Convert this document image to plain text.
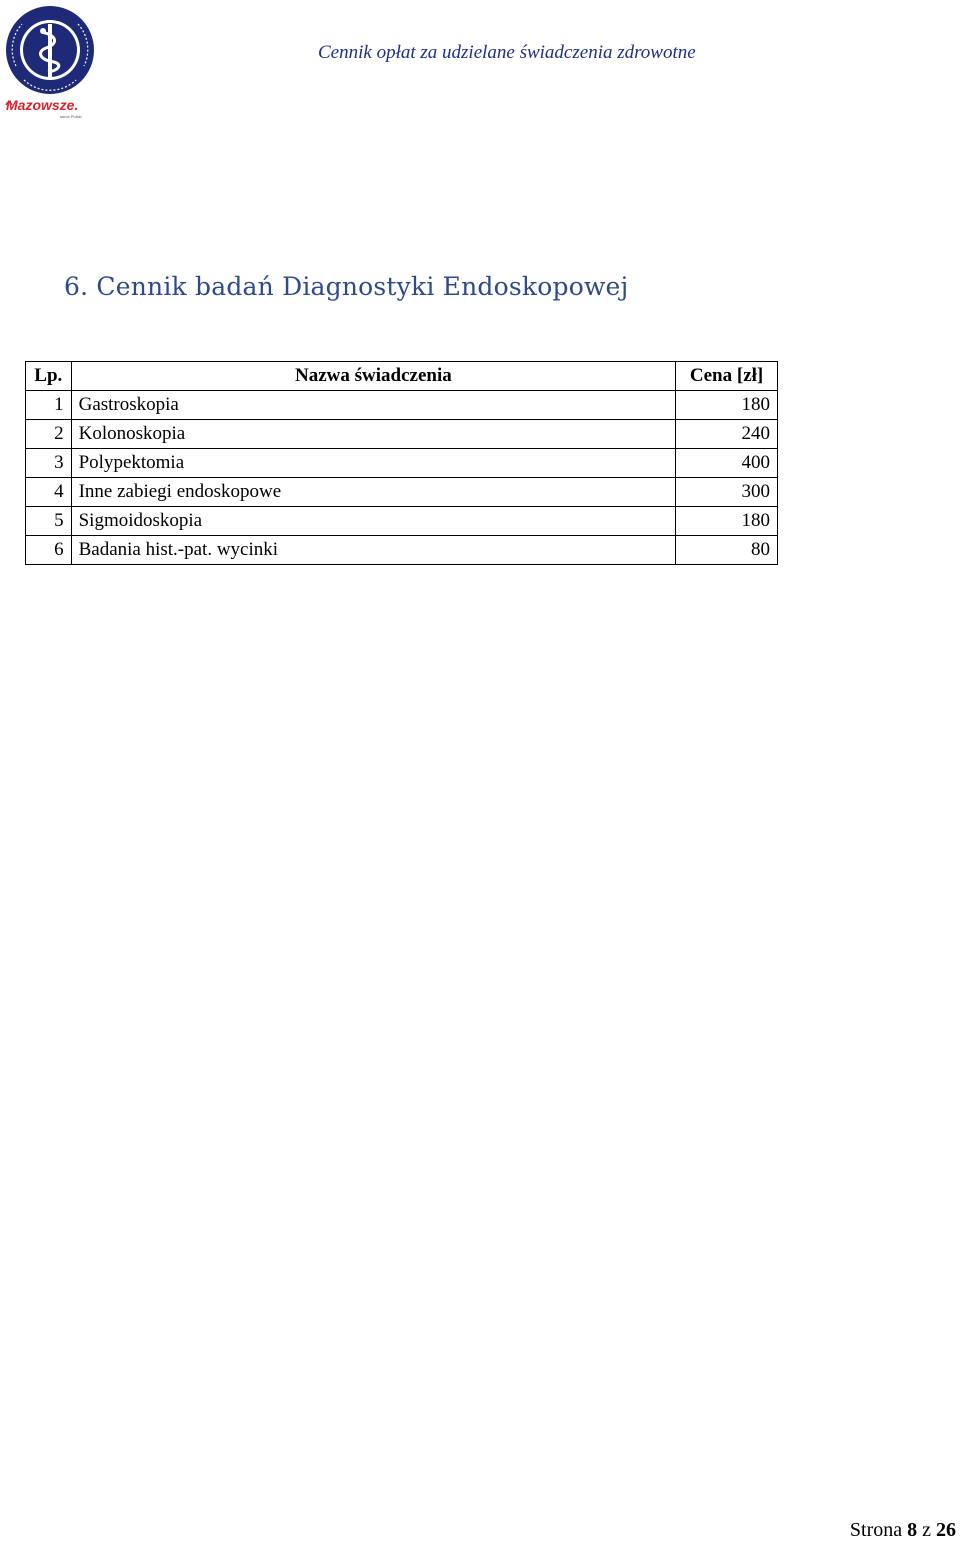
Mazowsze.
serce Polski
Cennik opłat za udzielane świadczenia zdrowotne
6. Cennik badań Diagnostyki Endoskopowej
Lp.	Nazwa świadczenia	Cena [zł]
1	Gastroskopia	180
2	Kolonoskopia	240
3	Polypektomia	400
4	Inne zabiegi endoskopowe	300
5	Sigmoidoskopia	180
6	Badania hist.-pat. wycinki	80
Strona 8 z 26
